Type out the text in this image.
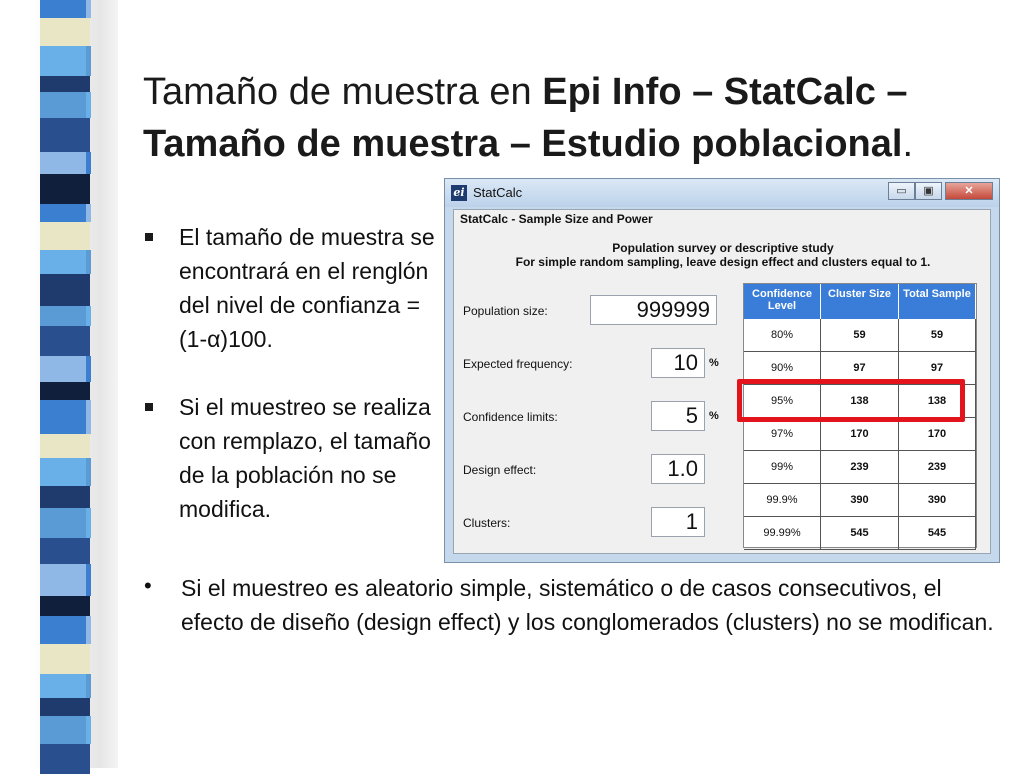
Tamaño de muestra en Epi Info – StatCalc – Tamaño de muestra – Estudio poblacional.
El tamaño de muestra se encontrará en el renglón del nivel de confianza = (1-α)100.
Si el muestreo se realiza con remplazo, el tamaño de la población no se modifica.
• Si el muestreo es aleatorio simple, sistemático o de casos consecutivos, el efecto de diseño (design effect) y los conglomerados (clusters) no se modifican.
ei StatCalc	▭	▣	✕
StatCalc - Sample Size and Power
Population survey or descriptive study
For simple random sampling, leave design effect and clusters equal to 1.
Population size:	999999
Expected frequency:	10	%
Confidence limits:	5	%
Design effect:	1.0
Clusters:	1
Confidence Level
Cluster Size	Total Sample
80%	59	59
90%	97	97
95%	138	138
97%	170	170
99%	239	239
99.9%	390	390
99.99%	545	545
